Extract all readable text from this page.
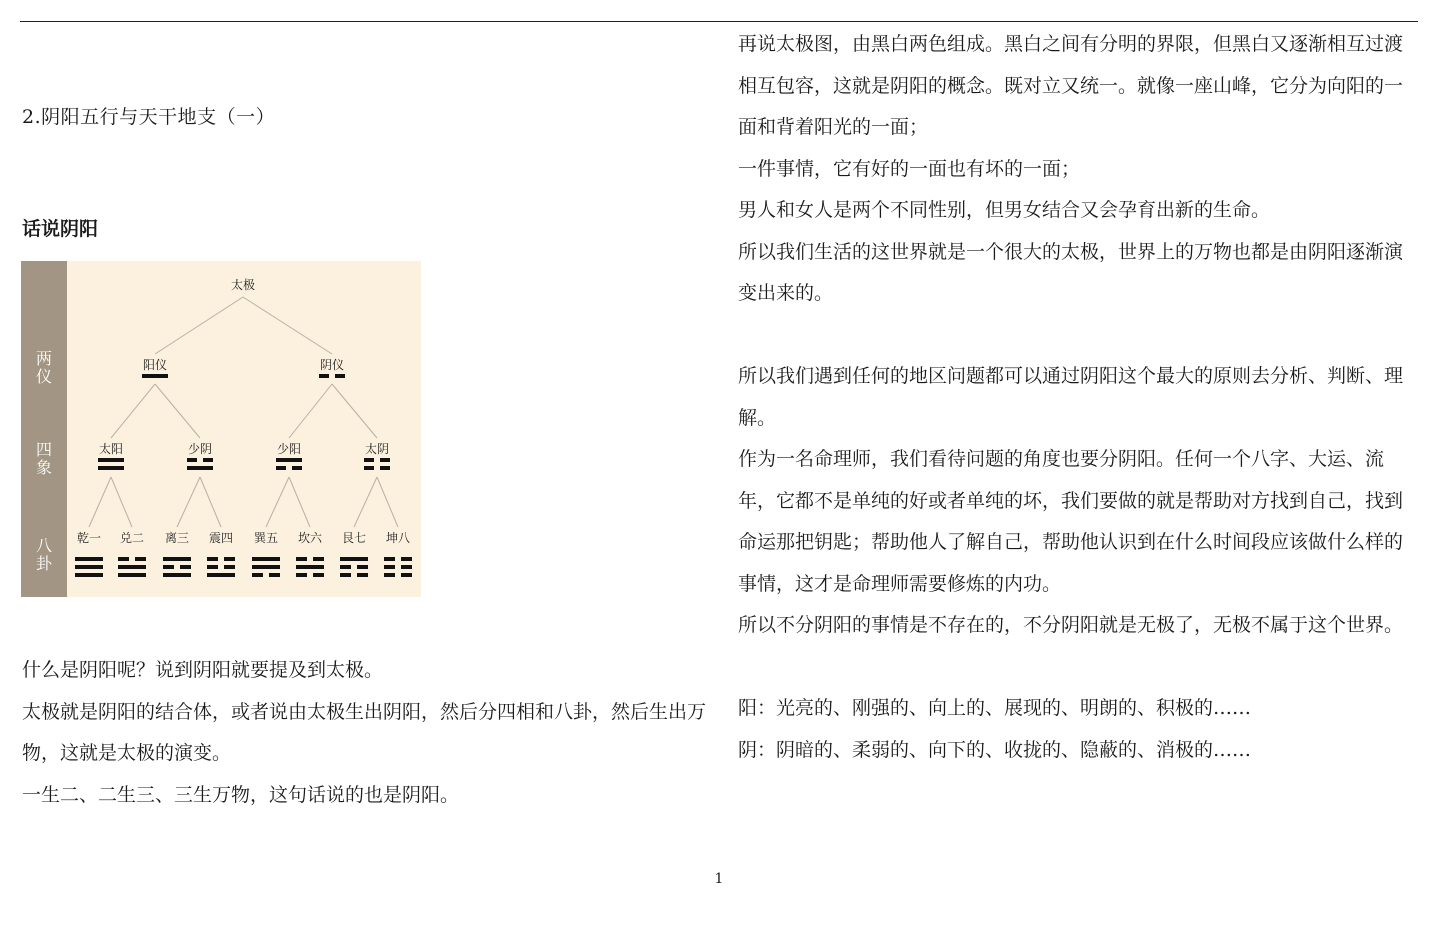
2.阴阳五行与天干地支（一）
话说阴阳
两
仪
四
象
八
卦
太极
阳仪	阴仪
太阳	少阴	少阳	太阴
乾一	兑二	离三	震四	巽五	坎六	艮七	坤八

什么是阴阳呢？说到阴阳就要提及到太极。

太极就是阴阳的结合体，或者说由太极生出阴阳，然后分四相和八卦，然后生出万物，这就是太极的演变。

一生二、二生三、三生万物，这句话说的也是阴阳。

再说太极图，由黑白两色组成。黑白之间有分明的界限，但黑白又逐渐相互过渡相互包容，这就是阴阳的概念。既对立又统一。就像一座山峰，它分为向阳的一面和背着阳光的一面；

一件事情，它有好的一面也有坏的一面；

男人和女人是两个不同性别，但男女结合又会孕育出新的生命。

所以我们生活的这世界就是一个很大的太极，世界上的万物也都是由阴阳逐渐演变出来的。

所以我们遇到任何的地区问题都可以通过阴阳这个最大的原则去分析、判断、理解。

作为一名命理师，我们看待问题的角度也要分阴阳。任何一个八字、大运、流年，它都不是单纯的好或者单纯的坏，我们要做的就是帮助对方找到自己，找到命运那把钥匙；帮助他人了解自己，帮助他认识到在什么时间段应该做什么样的事情，这才是命理师需要修炼的内功。

所以不分阴阳的事情是不存在的，不分阴阳就是无极了，无极不属于这个世界。

阳：光亮的、刚强的、向上的、展现的、明朗的、积极的……

阴：阴暗的、柔弱的、向下的、收拢的、隐蔽的、消极的……

1
